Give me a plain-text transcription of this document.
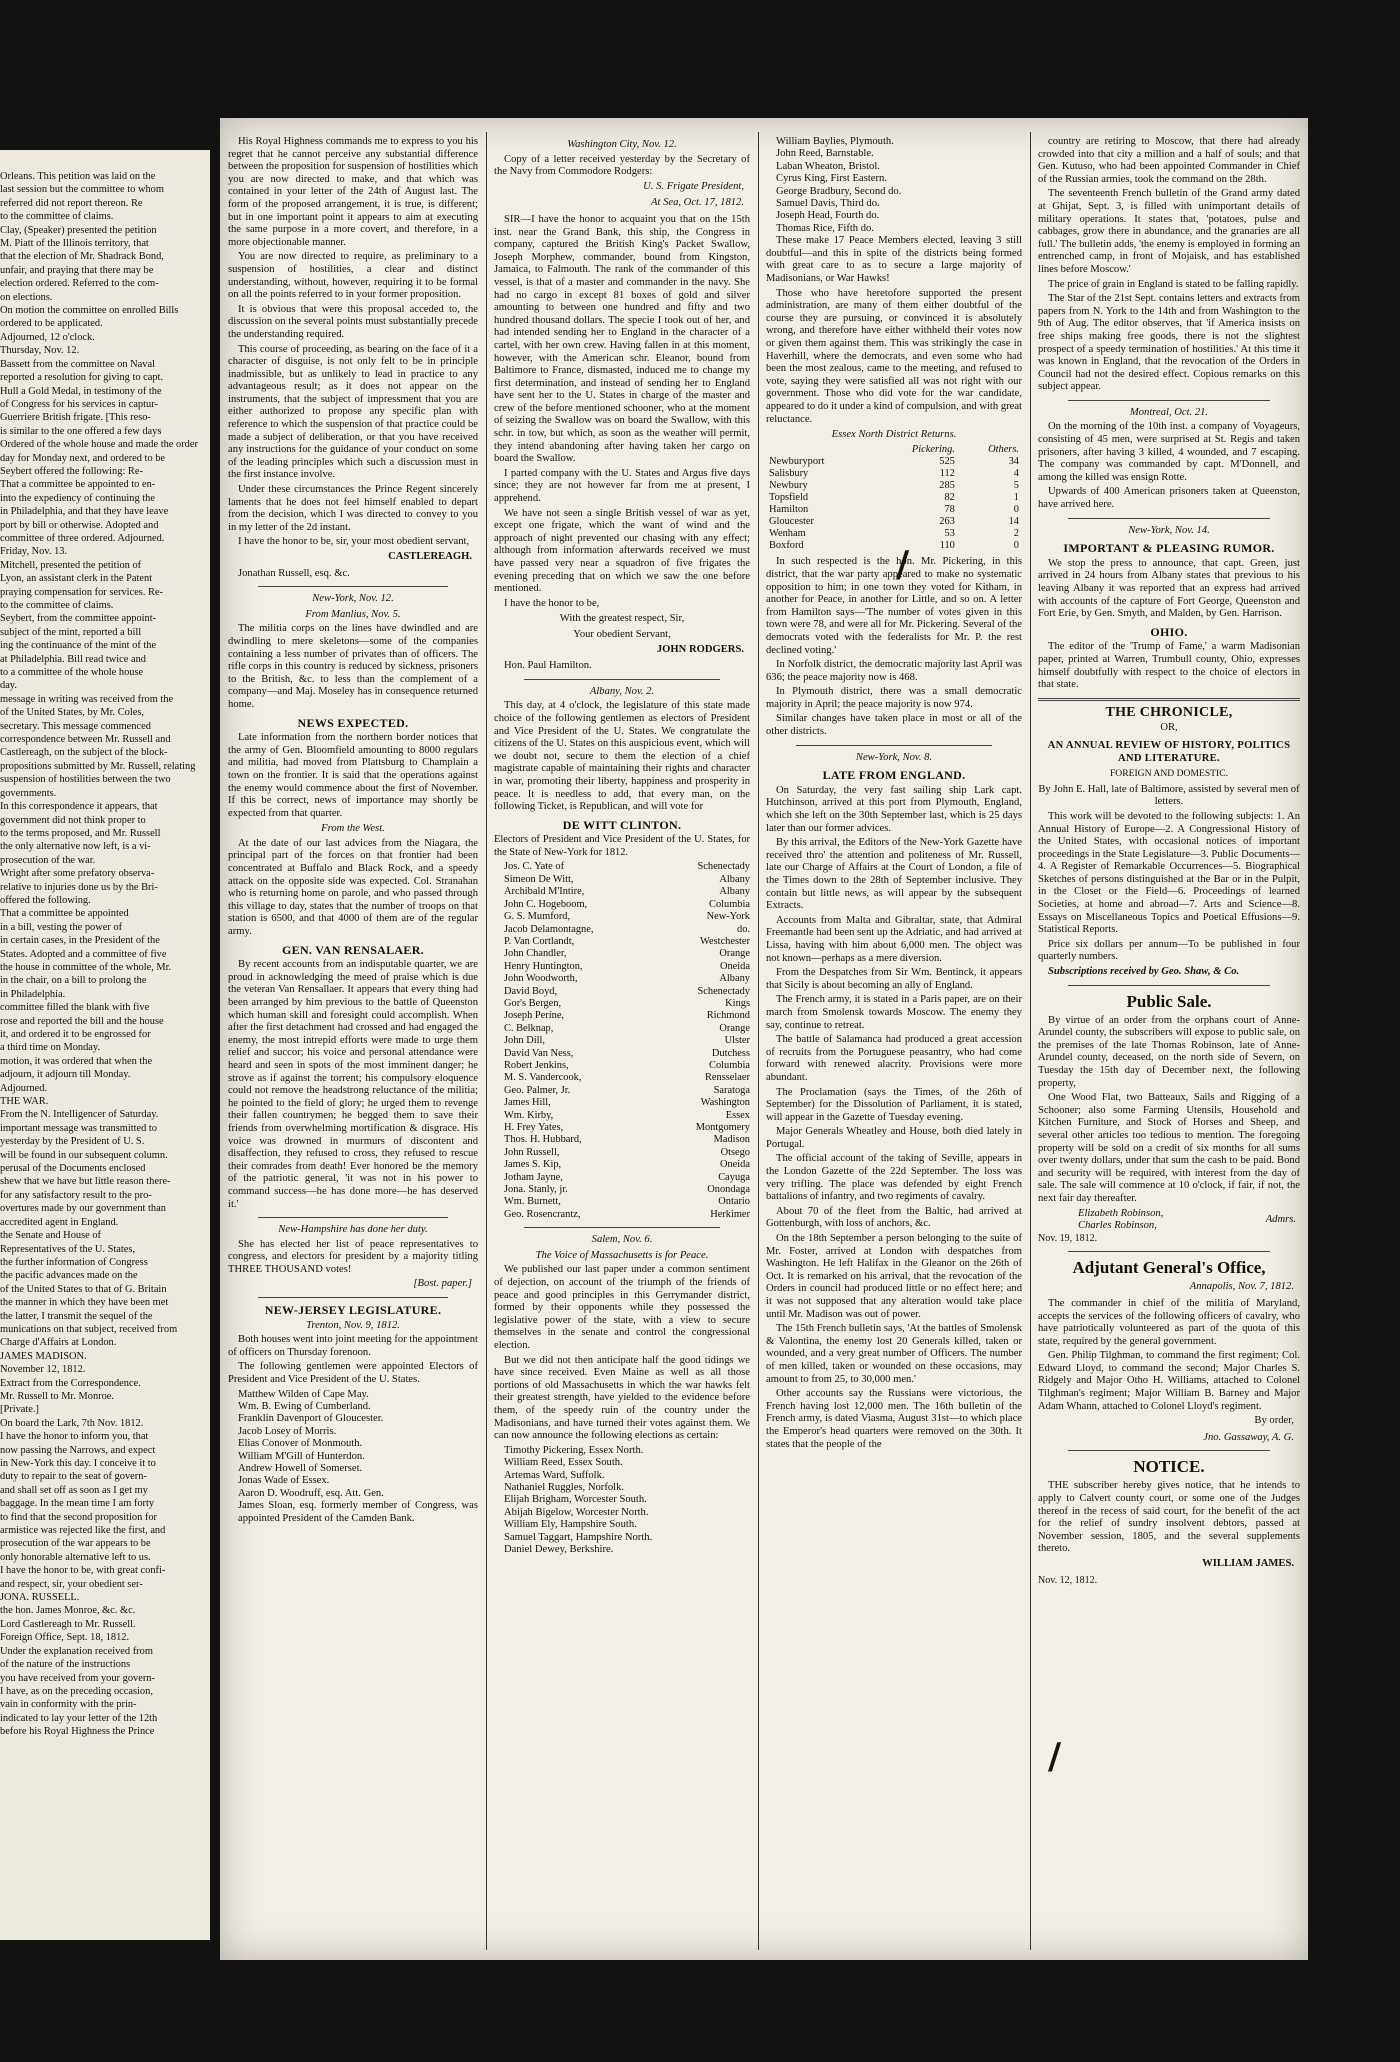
Orleans. This petition was laid on the
last session but the committee to whom
referred did not report thereon. Re
to the committee of claims.
Clay, (Speaker) presented the petition
M. Piatt of the Illinois territory, that
that the election of Mr. Shadrack Bond,
unfair, and praying that there may be
election ordered. Referred to the com-
on elections.
On motion the committee on enrolled Bills
ordered to be applicated.
Adjourned, 12 o'clock.
Thursday, Nov. 12.
Bassett from the committee on Naval
reported a resolution for giving to capt.
Hull a Gold Medal, in testimony of the
of Congress for his services in captur-
Guerriere British frigate. [This reso-
is similar to the one offered a few days
Ordered of the whole house and made the order
day for Monday next, and ordered to be
Seybert offered the following: Re-
That a committee be appointed to en-
into the expediency of continuing the
in Philadelphia, and that they have leave
port by bill or otherwise. Adopted and
committee of three ordered. Adjourned.
Friday, Nov. 13.
Mitchell, presented the petition of
Lyon, an assistant clerk in the Patent
praying compensation for services. Re-
to the committee of claims.
Seybert, from the committee appoint-
subject of the mint, reported a bill
ing the continuance of the mint of the
at Philadelphia. Bill read twice and
to a committee of the whole house
day.
message in writing was received from the
of the United States, by Mr. Coles,
secretary. This message commenced
correspondence between Mr. Russell and
Castlereagh, on the subject of the block-
propositions submitted by Mr. Russell, relating
suspension of hostilities between the two
governments.
In this correspondence it appears, that
government did not think proper to
to the terms proposed, and Mr. Russell
the only alternative now left, is a vi-
prosecution of the war.
Wright after some prefatory observa-
relative to injuries done us by the Bri-
offered the following.
That a committee be appointed
in a bill, vesting the power of
in certain cases, in the President of the
States. Adopted and a committee of five
the house in committee of the whole, Mr.
in the chair, on a bill to prolong the
in Philadelphia.
committee filled the blank with five
rose and reported the bill and the house
it, and ordered it to be engrossed for
a third time on Monday.
motion, it was ordered that when the
adjourn, it adjourn till Monday.
Adjourned.
THE WAR.
From the N. Intelligencer of Saturday.
important message was transmitted to
yesterday by the President of U. S.
will be found in our subsequent column.
perusal of the Documents enclosed
shew that we have but little reason there-
for any satisfactory result to the pro-
overtures made by our government than
accredited agent in England.
the Senate and House of
Representatives of the U. States,
the further information of Congress
the pacific advances made on the
of the United States to that of G. Britain
the manner in which they have been met
the latter, I transmit the sequel of the
munications on that subject, received from
Charge d'Affairs at London.
JAMES MADISON.
November 12, 1812.
Extract from the Correspondence.
Mr. Russell to Mr. Monroe.
[Private.]
On board the Lark, 7th Nov. 1812.
I have the honor to inform you, that
now passing the Narrows, and expect
in New-York this day. I conceive it to
duty to repair to the seat of govern-
and shall set off as soon as I get my
baggage. In the mean time I am forty
to find that the second proposition for
armistice was rejected like the first, and
prosecution of the war appears to be
only honorable alternative left to us.
I have the honor to be, with great confi-
and respect, sir, your obedient ser-
JONA. RUSSELL.
the hon. James Monroe, &c. &c.
Lord Castlereagh to Mr. Russell.
Foreign Office, Sept. 18, 1812.
Under the explanation received from
of the nature of the instructions
you have received from your govern-
I have, as on the preceding occasion,
vain in conformity with the prin-
indicated to lay your letter of the 12th
before his Royal Highness the Prince

His Royal Highness commands me to express to you his regret that he cannot perceive any substantial difference between the proposition for suspension of hostilities which you are now directed to make, and that which was contained in your letter of the 24th of August last. The form of the proposed arrangement, it is true, is different; but in one important point it appears to aim at executing the same purpose in a more covert, and therefore, in a more objectionable manner.

You are now directed to require, as preliminary to a suspension of hostilities, a clear and distinct understanding, without, however, requiring it to be formal on all the points referred to in your former proposition.

It is obvious that were this proposal acceded to, the discussion on the several points must substantially precede the understanding required.

This course of proceeding, as bearing on the face of it a character of disguise, is not only felt to be in principle inadmissible, but as unlikely to lead in practice to any advantageous result; as it does not appear on the instruments, that the subject of impressment that you are either authorized to propose any specific plan with reference to which the suspension of that practice could be made a subject of deliberation, or that you have received any instructions for the guidance of your conduct on some of the leading principles which such a discussion must in the first instance involve.

Under these circumstances the Prince Regent sincerely laments that he does not feel himself enabled to depart from the decision, which I was directed to convey to you in my letter of the 2d instant.

I have the honor to be, sir, your most obedient servant,

CASTLEREAGH.

Jonathan Russell, esq. &c.

New-York, Nov. 12.
From Manlius, Nov. 5.

The militia corps on the lines have dwindled and are dwindling to mere skeletons—some of the companies containing a less number of privates than of officers. The rifle corps in this country is reduced by sickness, prisoners to the British, &c. to less than the complement of a company—and Maj. Moseley has in consequence returned home.

NEWS EXPECTED.

Late information from the northern border notices that the army of Gen. Bloomfield amounting to 8000 regulars and militia, had moved from Plattsburg to Champlain a town on the frontier. It is said that the operations against the enemy would commence about the first of November. If this be correct, news of importance may shortly be expected from that quarter.

From the West.

At the date of our last advices from the Niagara, the principal part of the forces on that frontier had been concentrated at Buffalo and Black Rock, and a speedy attack on the opposite side was expected. Col. Stranahan who is returning home on parole, and who passed through this village to day, states that the number of troops on that station is 6500, and that 4000 of them are of the regular army.

GEN. VAN RENSALAER.

By recent accounts from an indisputable quarter, we are proud in acknowledging the meed of praise which is due the veteran Van Rensallaer. It appears that every thing had been arranged by him previous to the battle of Queenston which human skill and foresight could accomplish. When after the first detachment had crossed and had engaged the enemy, the most intrepid efforts were made to urge them relief and succor; his voice and personal attendance were heard and seen in spots of the most imminent danger; he strove as if against the torrent; his compulsory eloquence could not remove the headstrong reluctance of the militia; he pointed to the field of glory; he urged them to revenge their fallen countrymen; he begged them to save their friends from overwhelming mortification & disgrace. His voice was drowned in murmurs of discontent and disaffection, they refused to cross, they refused to rescue their comrades from death! Ever honored be the memory of the patriotic general, 'it was not in his power to command success—he has done more—he has deserved it.'

New-Hampshire has done her duty.

She has elected her list of peace representatives to congress, and electors for president by a majority titling THREE THOUSAND votes!

[Bost. paper.]
NEW-JERSEY LEGISLATURE.
Trenton, Nov. 9, 1812.

Both houses went into joint meeting for the appointment of officers on Thursday forenoon.

The following gentlemen were appointed Electors of President and Vice President of the U. States.

Matthew Wilden of Cape May.
Wm. B. Ewing of Cumberland.
Franklin Davenport of Gloucester.
Jacob Losey of Morris.
Elias Conover of Monmouth.
William M'Gill of Hunterdon.
Andrew Howell of Somerset.
Jonas Wade of Essex.
Aaron D. Woodruff, esq. Att. Gen.
James Sloan, esq. formerly member of Congress, was appointed President of the Camden Bank.
Washington City, Nov. 12.

Copy of a letter received yesterday by the Secretary of the Navy from Commodore Rodgers:

U. S. Frigate President,
At Sea, Oct. 17, 1812.

SIR—I have the honor to acquaint you that on the 15th inst. near the Grand Bank, this ship, the Congress in company, captured the British King's Packet Swallow, Joseph Morphew, commander, bound from Kingston, Jamaica, to Falmouth. The rank of the commander of this vessel, is that of a master and commander in the navy. She had no cargo in except 81 boxes of gold and silver amounting to between one hundred and fifty and two hundred thousand dollars. The specie I took out of her, and had intended sending her to England in the character of a cartel, with her own crew. Having fallen in at this moment, however, with the American schr. Eleanor, bound from Baltimore to France, dismasted, induced me to change my first determination, and instead of sending her to England have sent her to the U. States in charge of the master and crew of the before mentioned schooner, who at the moment of seizing the Swallow was on board the Swallow, with this schr. in tow, but which, as soon as the weather will permit, they intend abandoning after having taken her cargo on board the Swallow.

I parted company with the U. States and Argus five days since; they are not however far from me at present, I apprehend.

We have not seen a single British vessel of war as yet, except one frigate, which the want of wind and the approach of night prevented our chasing with any effect; although from information afterwards received we must have passed very near a squadron of five frigates the evening preceding that on which we saw the one before mentioned.

I have the honor to be,

With the greatest respect, Sir,
Your obedient Servant,
JOHN RODGERS.

Hon. Paul Hamilton.

Albany, Nov. 2.

This day, at 4 o'clock, the legislature of this state made choice of the following gentlemen as electors of President and Vice President of the U. States. We congratulate the citizens of the U. States on this auspicious event, which will we doubt not, secure to them the election of a chief magistrate capable of maintaining their rights and character in war, promoting their liberty, happiness and prosperity in peace. It is needless to add, that every man, on the following Ticket, is Republican, and will vote for

DE WITT CLINTON.

Electors of President and Vice President of the U. States, for the State of New-York for 1812.

Jos. C. Yate of	Schenectady
Simeon De Witt,	Albany
Archibald M'Intire,	Albany
John C. Hogeboom,	Columbia
G. S. Mumford,	New-York
Jacob Delamontagne,	do.
P. Van Cortlandt,	Westchester
John Chandler,	Orange
Henry Huntington,	Oneida
John Woodworth,	Albany
David Boyd,	Schenectady
Gor's Bergen,	Kings
Joseph Perine,	Richmond
C. Belknap,	Orange
John Dill,	Ulster
David Van Ness,	Dutchess
Robert Jenkins,	Columbia
M. S. Vandercook,	Rensselaer
Geo. Palmer, Jr.	Saratoga
James Hill,	Washington
Wm. Kirby,	Essex
H. Frey Yates,	Montgomery
Thos. H. Hubbard,	Madison
John Russell,	Otsego
James S. Kip,	Oneida
Jotham Jayne,	Cayuga
Jona. Stanly, jr.	Onondaga
Wm. Burnett,	Ontario
Geo. Rosencrantz,	Herkimer
Salem, Nov. 6.
The Voice of Massachusetts is for Peace.

We published our last paper under a common sentiment of dejection, on account of the triumph of the friends of peace and good principles in this Gerrymander district, formed by their opponents while they possessed the legislative power of the state, with a view to secure themselves in the senate and control the congressional election.

But we did not then anticipate half the good tidings we have since received. Even Maine as well as all those portions of old Massachusetts in which the war hawks felt their greatest strength, have yielded to the evidence before them, of the speedy ruin of the country under the Madisonians, and have turned their votes against them. We can now announce the following elections as certain:

Timothy Pickering, Essex North.
William Reed, Essex South.
Artemas Ward, Suffolk.
Nathaniel Ruggles, Norfolk.
Elijah Brigham, Worcester South.
Abijah Bigelow, Worcester North.
William Ely, Hampshire South.
Samuel Taggart, Hampshire North.
Daniel Dewey, Berkshire.
William Baylies, Plymouth.
John Reed, Barnstable.
Laban Wheaton, Bristol.
Cyrus King, First Eastern.
George Bradbury, Second do.
Samuel Davis, Third do.
Joseph Head, Fourth do.
Thomas Rice, Fifth do.

These make 17 Peace Members elected, leaving 3 still doubtful—and this in spite of the districts being formed with great care to as to secure a large majority of Madisonians, or War Hawks!

Those who have heretofore supported the present administration, are many of them either doubtful of the course they are pursuing, or convinced it is absolutely wrong, and therefore have either withheld their votes now or given them against them. This was strikingly the case in Haverhill, where the democrats, and even some who had been the most zealous, came to the meeting, and refused to vote, saying they were satisfied all was not right with our government. Those who did vote for the war candidate, appeared to do it under a kind of compulsion, and with great reluctance.

Essex North District Returns.
	Pickering.	Others.
Newburyport	525	34
Salisbury	112	4
Newbury	285	5
Topsfield	82	1
Hamilton	78	0
Gloucester	263	14
Wenham	53	2
Boxford	110	0

In such respected is the hon. Mr. Pickering, in this district, that the war party appeared to make no systematic opposition to him; in one town they voted for Kitham, in another for Peace, in another for Little, and so on. A letter from Hamilton says—'The number of votes given in this town were 78, and were all for Mr. Pickering. Several of the democrats voted with the federalists for Mr. P. the rest declined voting.'

In Norfolk district, the democratic majority last April was 636; the peace majority now is 468.

In Plymouth district, there was a small democratic majority in April; the peace majority is now 974.

Similar changes have taken place in most or all of the other districts.

New-York, Nov. 8.
LATE FROM ENGLAND.

On Saturday, the very fast sailing ship Lark capt. Hutchinson, arrived at this port from Plymouth, England, which she left on the 30th September last, which is 25 days later than our former advices.

By this arrival, the Editors of the New-York Gazette have received thro' the attention and politeness of Mr. Russell, late our Charge of Affairs at the Court of London, a file of the Times down to the 28th of September inclusive. They contain but little news, as will appear by the subsequent Extracts.

Accounts from Malta and Gibraltar, state, that Admiral Freemantle had been sent up the Adriatic, and had arrived at Lissa, having with him about 6,000 men. The object was not known—perhaps as a mere diversion.

From the Despatches from Sir Wm. Bentinck, it appears that Sicily is about becoming an ally of England.

The French army, it is stated in a Paris paper, are on their march from Smolensk towards Moscow. The enemy they say, continue to retreat.

The battle of Salamanca had produced a great accession of recruits from the Portuguese peasantry, who had come forward with renewed alacrity. Provisions were more abundant.

The Proclamation (says the Times, of the 26th of September) for the Dissolution of Parliament, it is stated, will appear in the Gazette of Tuesday evening.

Major Generals Wheatley and House, both died lately in Portugal.

The official account of the taking of Seville, appears in the London Gazette of the 22d September. The loss was very trifling. The place was defended by eight French battalions of infantry, and two regiments of cavalry.

About 70 of the fleet from the Baltic, had arrived at Gottenburgh, with loss of anchors, &c.

On the 18th September a person belonging to the suite of Mr. Foster, arrived at London with despatches from Washington. He left Halifax in the Gleanor on the 26th of Oct. It is remarked on his arrival, that the revocation of the Orders in council had produced little or no effect here; and it was not supposed that any alteration would take place until Mr. Madison was out of power.

The 15th French bulletin says, 'At the battles of Smolensk & Valontina, the enemy lost 20 Generals killed, taken or wounded, and a very great number of Officers. The number of men killed, taken or wounded on these occasions, may amount to from 25, to 30,000 men.'

Other accounts say the Russians were victorious, the French having lost 12,000 men. The 16th bulletin of the French army, is dated Viasma, August 31st—to which place the Emperor's head quarters were removed on the 30th. It states that the people of the

country are retiring to Moscow, that there had already crowded into that city a million and a half of souls; and that Gen. Kutuso, who had been appointed Commander in Chief of the Russian armies, took the command on the 28th.

The seventeenth French bulletin of the Grand army dated at Ghijat, Sept. 3, is filled with unimportant details of military operations. It states that, 'potatoes, pulse and cabbages, grow there in abundance, and the granaries are all full.' The bulletin adds, 'the enemy is employed in forming an entrenched camp, in front of Mojaisk, and has established lines before Moscow.'

The price of grain in England is stated to be falling rapidly.

The Star of the 21st Sept. contains letters and extracts from papers from N. York to the 14th and from Washington to the 9th of Aug. The editor observes, that 'if America insists on free ships making free goods, there is not the slightest prospect of a speedy termination of hostilities.' At this time it was known in England, that the revocation of the Orders in Council had not the desired effect. Copious remarks on this subject appear.

Montreal, Oct. 21.

On the morning of the 10th inst. a company of Voyageurs, consisting of 45 men, were surprised at St. Regis and taken prisoners, after having 3 killed, 4 wounded, and 7 escaping. The company was commanded by capt. M'Donnell, and among the killed was ensign Rotte.

Upwards of 400 American prisoners taken at Queenston, have arrived here.

New-York, Nov. 14.
IMPORTANT & PLEASING RUMOR.

We stop the press to announce, that capt. Green, just arrived in 24 hours from Albany states that previous to his leaving Albany it was reported that an express had arrived with accounts of the capture of Fort George, Queenston and Fort Erie, by Gen. Smyth, and Malden, by Gen. Harrison.

OHIO.

The editor of the 'Trump of Fame,' a warm Madisonian paper, printed at Warren, Trumbull county, Ohio, expresses himself doubtfully with respect to the choice of electors in that state.

THE CHRONICLE,
OR,
AN ANNUAL REVIEW OF HISTORY, POLITICS AND LITERATURE.
FOREIGN AND DOMESTIC.
By John E. Hall, late of Baltimore, assisted by several men of letters.

This work will be devoted to the following subjects: 1. An Annual History of Europe—2. A Congressional History of the United States, with occasional notices of important proceedings in the State Legislature—3. Public Documents—4. A Register of Remarkable Occurrences—5. Biographical Sketches of persons distinguished at the Bar or in the Pulpit, in the Closet or the Field—6. Proceedings of learned Societies, at home and abroad—7. Arts and Science—8. Essays on Miscellaneous Topics and Poetical Effusions—9. Statistical Reports.

Price six dollars per annum—To be published in four quarterly numbers.

Subscriptions received by Geo. Shaw, & Co.

Public Sale.

By virtue of an order from the orphans court of Anne-Arundel county, the subscribers will expose to public sale, on the premises of the late Thomas Robinson, late of Anne-Arundel county, deceased, on the north side of Severn, on Tuesday the 15th day of December next, the following property,

One Wood Flat, two Batteaux, Sails and Rigging of a Schooner; also some Farming Utensils, Household and Kitchen Furniture, and Stock of Horses and Sheep, and several other articles too tedious to mention. The foregoing property will be sold on a credit of six months for all sums over twenty dollars, under that sum the cash to be paid. Bond and security will be required, with interest from the day of sale. The sale will commence at 10 o'clock, if fair, if not, the next fair day thereafter.

Elizabeth Robinson,
Charles Robinson,
Admrs.
Nov. 19, 1812.
Adjutant General's Office,
Annapolis, Nov. 7, 1812.

The commander in chief of the militia of Maryland, accepts the services of the following officers of cavalry, who have patriotically volunteered as part of the quota of this state, required by the general government.

Gen. Philip Tilghman, to command the first regiment; Col. Edward Lloyd, to command the second; Major Charles S. Ridgely and Major Otho H. Williams, attached to Colonel Tilghman's regiment; Major William B. Barney and Major Adam Whann, attached to Colonel Lloyd's regiment.

By order,
Jno. Gassaway, A. G.
NOTICE.

THE subscriber hereby gives notice, that he intends to apply to Calvert county court, or some one of the Judges thereof in the recess of said court, for the benefit of the act for the relief of sundry insolvent debtors, passed at November session, 1805, and the several supplements thereto.

WILLIAM JAMES.
Nov. 12, 1812.
/
/
